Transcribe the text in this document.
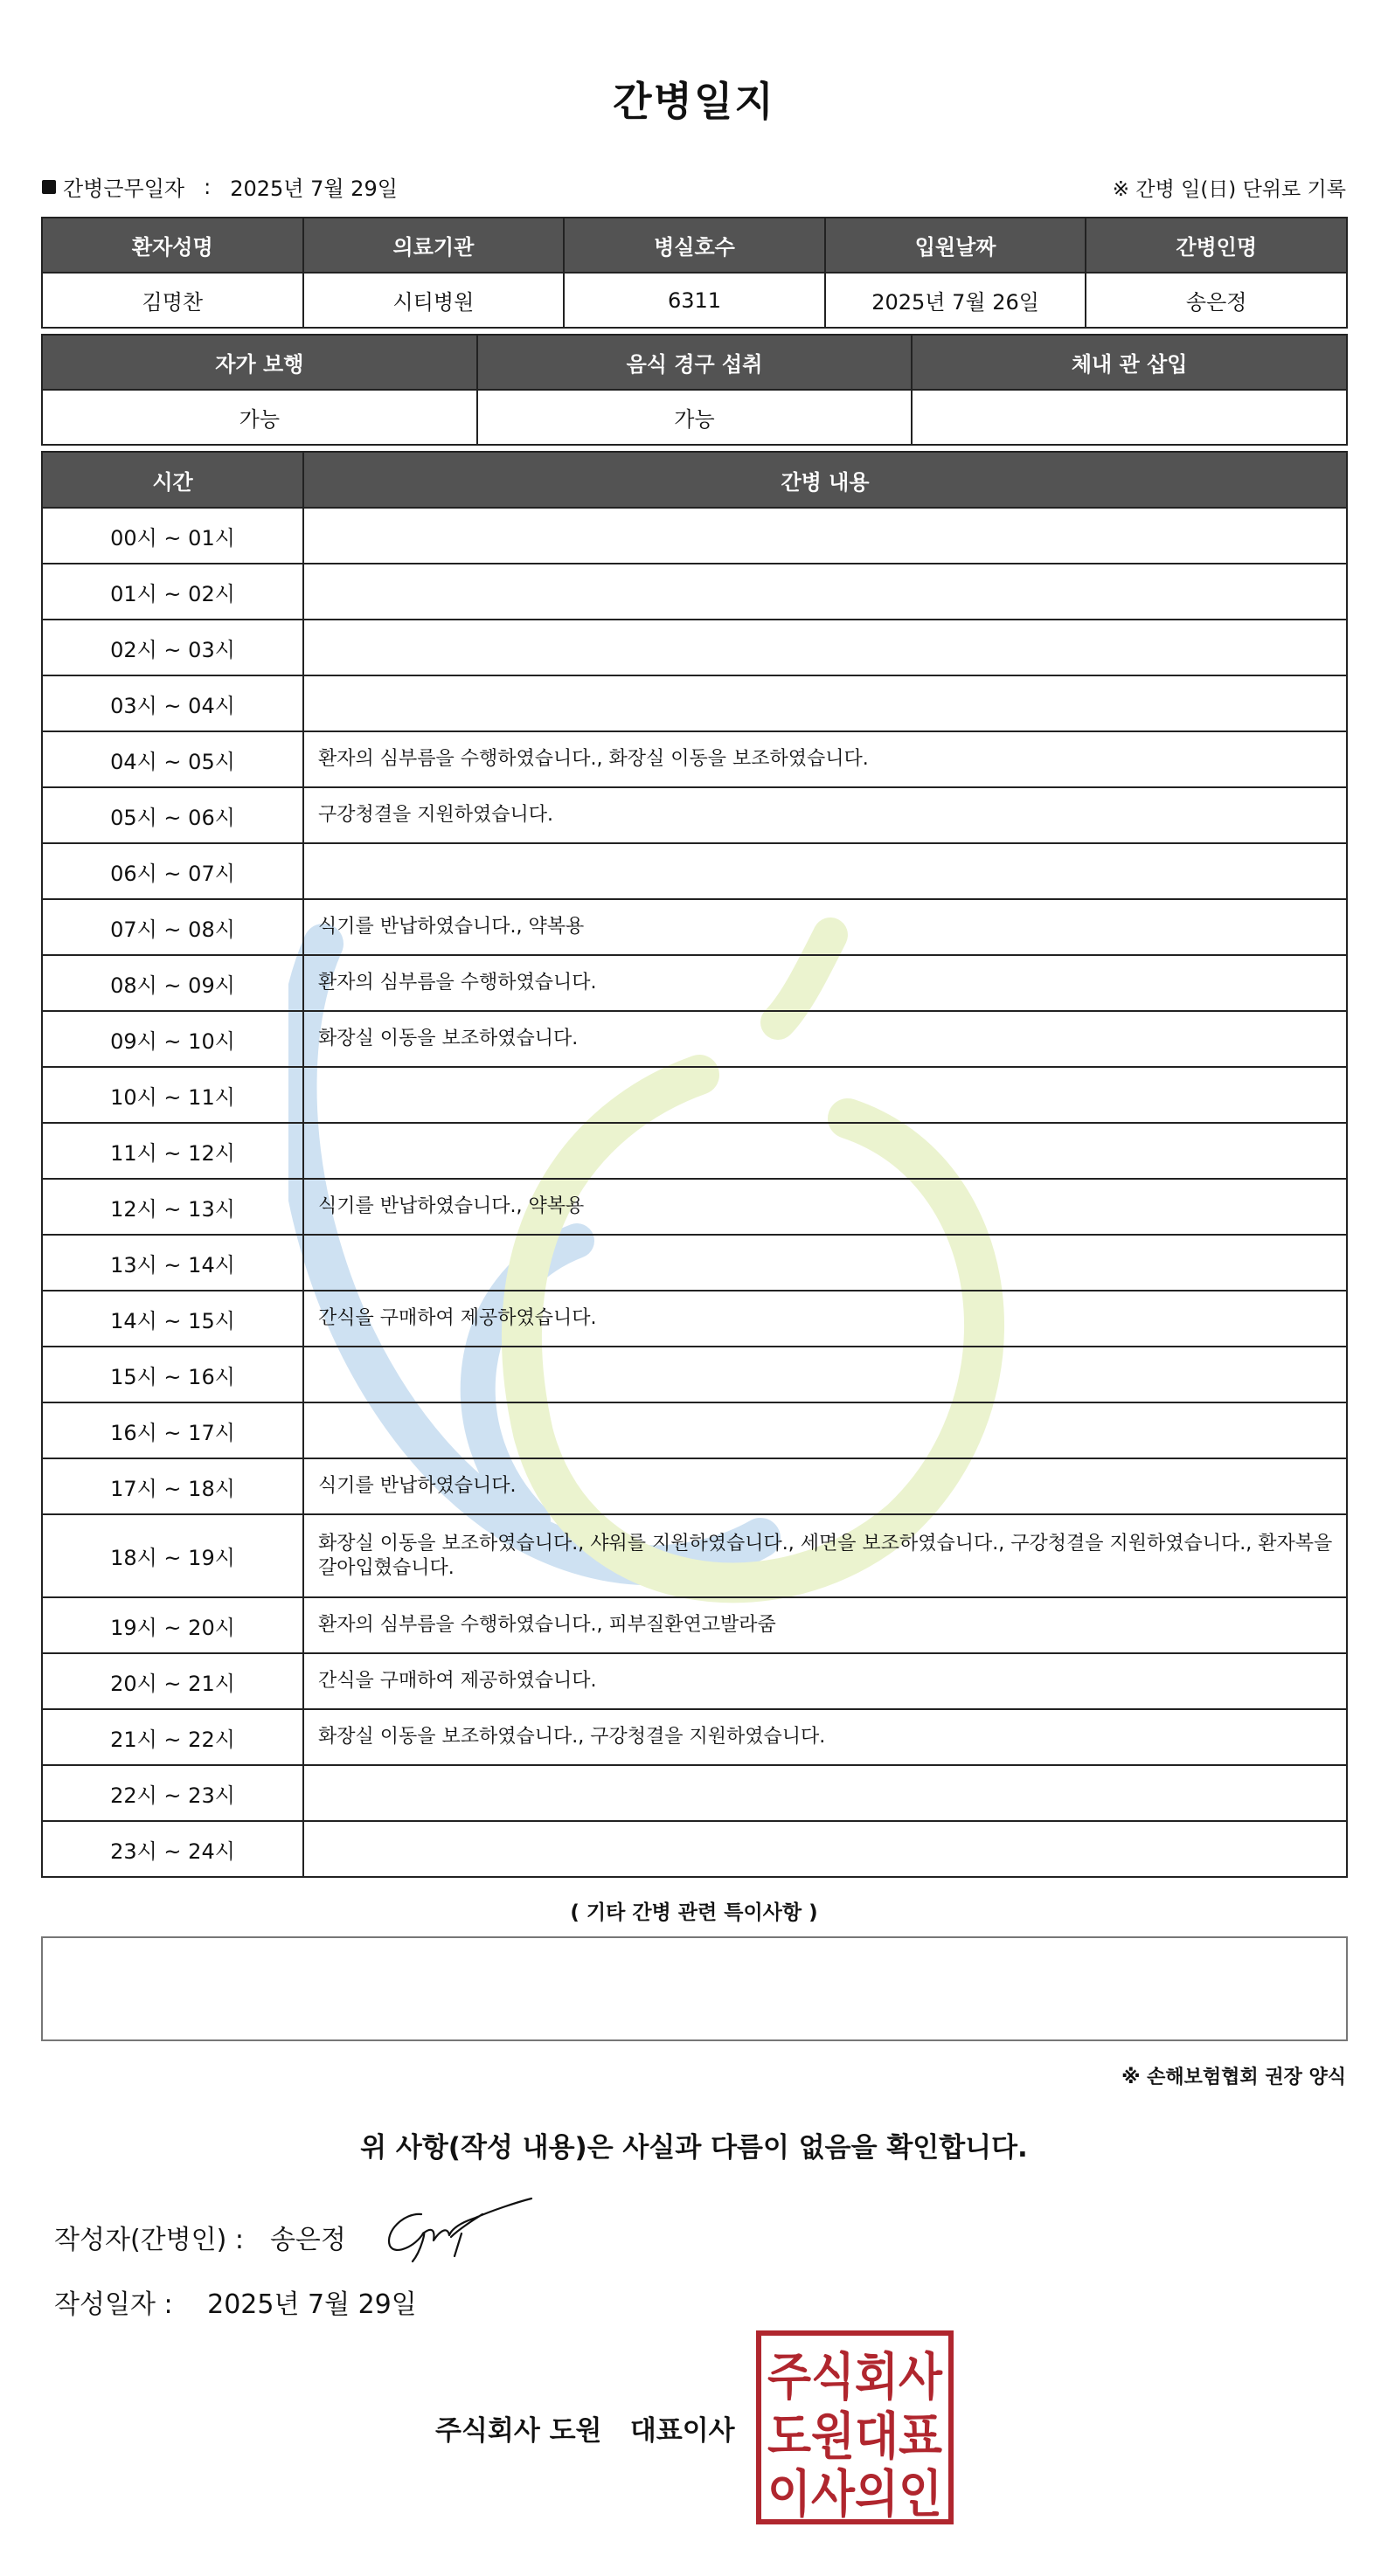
간병일지
간병근무일자 : 2025년 7월 29일	※ 간병 일(日) 단위로 기록
환자성명	의료기관	병실호수	입원날짜	간병인명
김명찬	시티병원	6311	2025년 7월 26일	송은정
자가 보행	음식 경구 섭취	체내 관 삽입
가능	가능	
시간	간병 내용
00시 ~ 01시	
01시 ~ 02시	
02시 ~ 03시	
03시 ~ 04시	
04시 ~ 05시	환자의 심부름을 수행하였습니다., 화장실 이동을 보조하였습니다.
05시 ~ 06시	구강청결을 지원하였습니다.
06시 ~ 07시	
07시 ~ 08시	식기를 반납하였습니다., 약복용
08시 ~ 09시	환자의 심부름을 수행하였습니다.
09시 ~ 10시	화장실 이동을 보조하였습니다.
10시 ~ 11시	
11시 ~ 12시	
12시 ~ 13시	식기를 반납하였습니다., 약복용
13시 ~ 14시	
14시 ~ 15시	간식을 구매하여 제공하였습니다.
15시 ~ 16시	
16시 ~ 17시	
17시 ~ 18시	식기를 반납하였습니다.
18시 ~ 19시	화장실 이동을 보조하였습니다., 샤워를 지원하였습니다., 세면을 보조하였습니다., 구강청결을 지원하였습니다., 환자복을 갈아입혔습니다.
19시 ~ 20시	환자의 심부름을 수행하였습니다., 피부질환연고발라줌
20시 ~ 21시	간식을 구매하여 제공하였습니다.
21시 ~ 22시	화장실 이동을 보조하였습니다., 구강청결을 지원하였습니다.
22시 ~ 23시	
23시 ~ 24시	
( 기타 간병 관련 특이사항 )
※ 손해보험협회 권장 양식
위 사항(작성 내용)은 사실과 다름이 없음을 확인합니다.
작성자(간병인) : 송은정
작성일자 : 2025년 7월 29일
주식회사 도원   대표이사
주식회사
도원대표
이사의인
